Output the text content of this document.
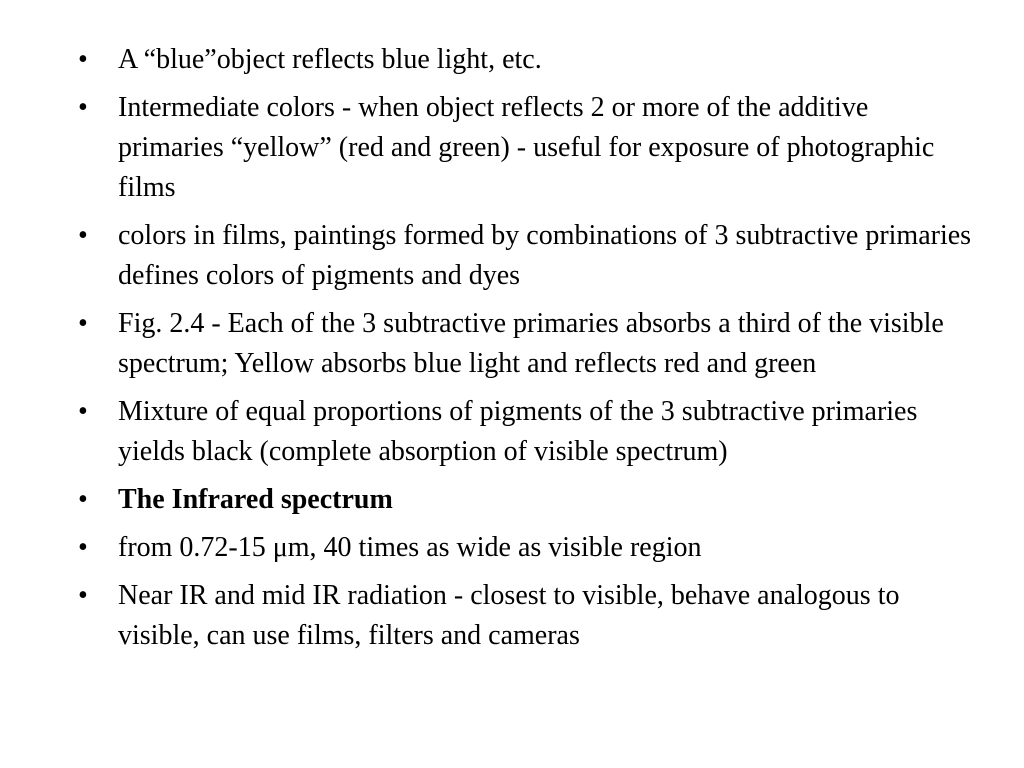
•	A “blue”object reflects blue light, etc.
•	Intermediate colors - when object reflects 2 or more of the additive primaries “yellow” (red and green) - useful for exposure of photographic films
•	colors in films, paintings formed by combinations of 3 subtractive primaries defines colors of pigments and dyes
•	Fig. 2.4 - Each of the 3 subtractive primaries absorbs a third of the visible spectrum; Yellow absorbs blue light and reflects red and green
•	Mixture of equal proportions of pigments of the 3 subtractive primaries yields black (complete absorption of visible spectrum)
•	The Infrared spectrum
•	from 0.72-15 μm, 40 times as wide as visible region
•	Near IR and mid IR radiation - closest to visible, behave analogous to visible, can use films, filters and cameras
